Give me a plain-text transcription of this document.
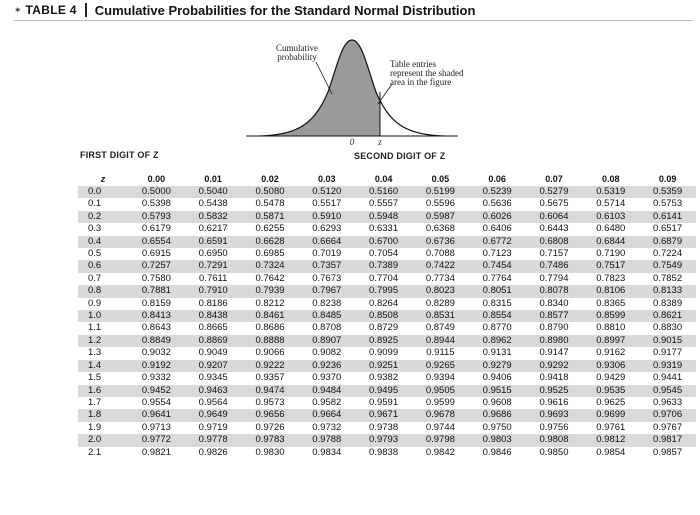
✶ TABLE 4 Cumulative Probabilities for the Standard Normal Distribution
Cumulative
probability
Table entries
represent the shaded
area in the figure
0	z
FIRST DIGIT OF Z	SECOND DIGIT OF Z
z	0.00	0.01	0.02	0.03	0.04	0.05	0.06	0.07	0.08	0.09
0.0	0.5000	0.5040	0.5080	0.5120	0.5160	0.5199	0.5239	0.5279	0.5319	0.5359
0.1	0.5398	0.5438	0.5478	0.5517	0.5557	0.5596	0.5636	0.5675	0.5714	0.5753
0.2	0.5793	0.5832	0.5871	0.5910	0.5948	0.5987	0.6026	0.6064	0.6103	0.6141
0.3	0.6179	0.6217	0.6255	0.6293	0.6331	0.6368	0.6406	0.6443	0.6480	0.6517
0.4	0.6554	0.6591	0.6628	0.6664	0.6700	0.6736	0.6772	0.6808	0.6844	0.6879
0.5	0.6915	0.6950	0.6985	0.7019	0.7054	0.7088	0.7123	0.7157	0.7190	0.7224
0.6	0.7257	0.7291	0.7324	0.7357	0.7389	0.7422	0.7454	0.7486	0.7517	0.7549
0.7	0.7580	0.7611	0.7642	0.7673	0.7704	0.7734	0.7764	0.7794	0.7823	0.7852
0.8	0.7881	0.7910	0.7939	0.7967	0.7995	0.8023	0.8051	0.8078	0.8106	0.8133
0.9	0.8159	0.8186	0.8212	0.8238	0.8264	0.8289	0.8315	0.8340	0.8365	0.8389
1.0	0.8413	0.8438	0.8461	0.8485	0.8508	0.8531	0.8554	0.8577	0.8599	0.8621
1.1	0.8643	0.8665	0.8686	0.8708	0.8729	0.8749	0.8770	0.8790	0.8810	0.8830
1.2	0.8849	0.8869	0.8888	0.8907	0.8925	0.8944	0.8962	0.8980	0.8997	0.9015
1.3	0.9032	0.9049	0.9066	0.9082	0.9099	0.9115	0.9131	0.9147	0.9162	0.9177
1.4	0.9192	0.9207	0.9222	0.9236	0.9251	0.9265	0.9279	0.9292	0.9306	0.9319
1.5	0.9332	0.9345	0.9357	0.9370	0.9382	0.9394	0.9406	0.9418	0.9429	0.9441
1.6	0.9452	0.9463	0.9474	0.9484	0.9495	0.9505	0.9515	0.9525	0.9535	0.9545
1.7	0.9554	0.9564	0.9573	0.9582	0.9591	0.9599	0.9608	0.9616	0.9625	0.9633
1.8	0.9641	0.9649	0.9656	0.9664	0.9671	0.9678	0.9686	0.9693	0.9699	0.9706
1.9	0.9713	0.9719	0.9726	0.9732	0.9738	0.9744	0.9750	0.9756	0.9761	0.9767
2.0	0.9772	0.9778	0.9783	0.9788	0.9793	0.9798	0.9803	0.9808	0.9812	0.9817
2.1	0.9821	0.9826	0.9830	0.9834	0.9838	0.9842	0.9846	0.9850	0.9854	0.9857
